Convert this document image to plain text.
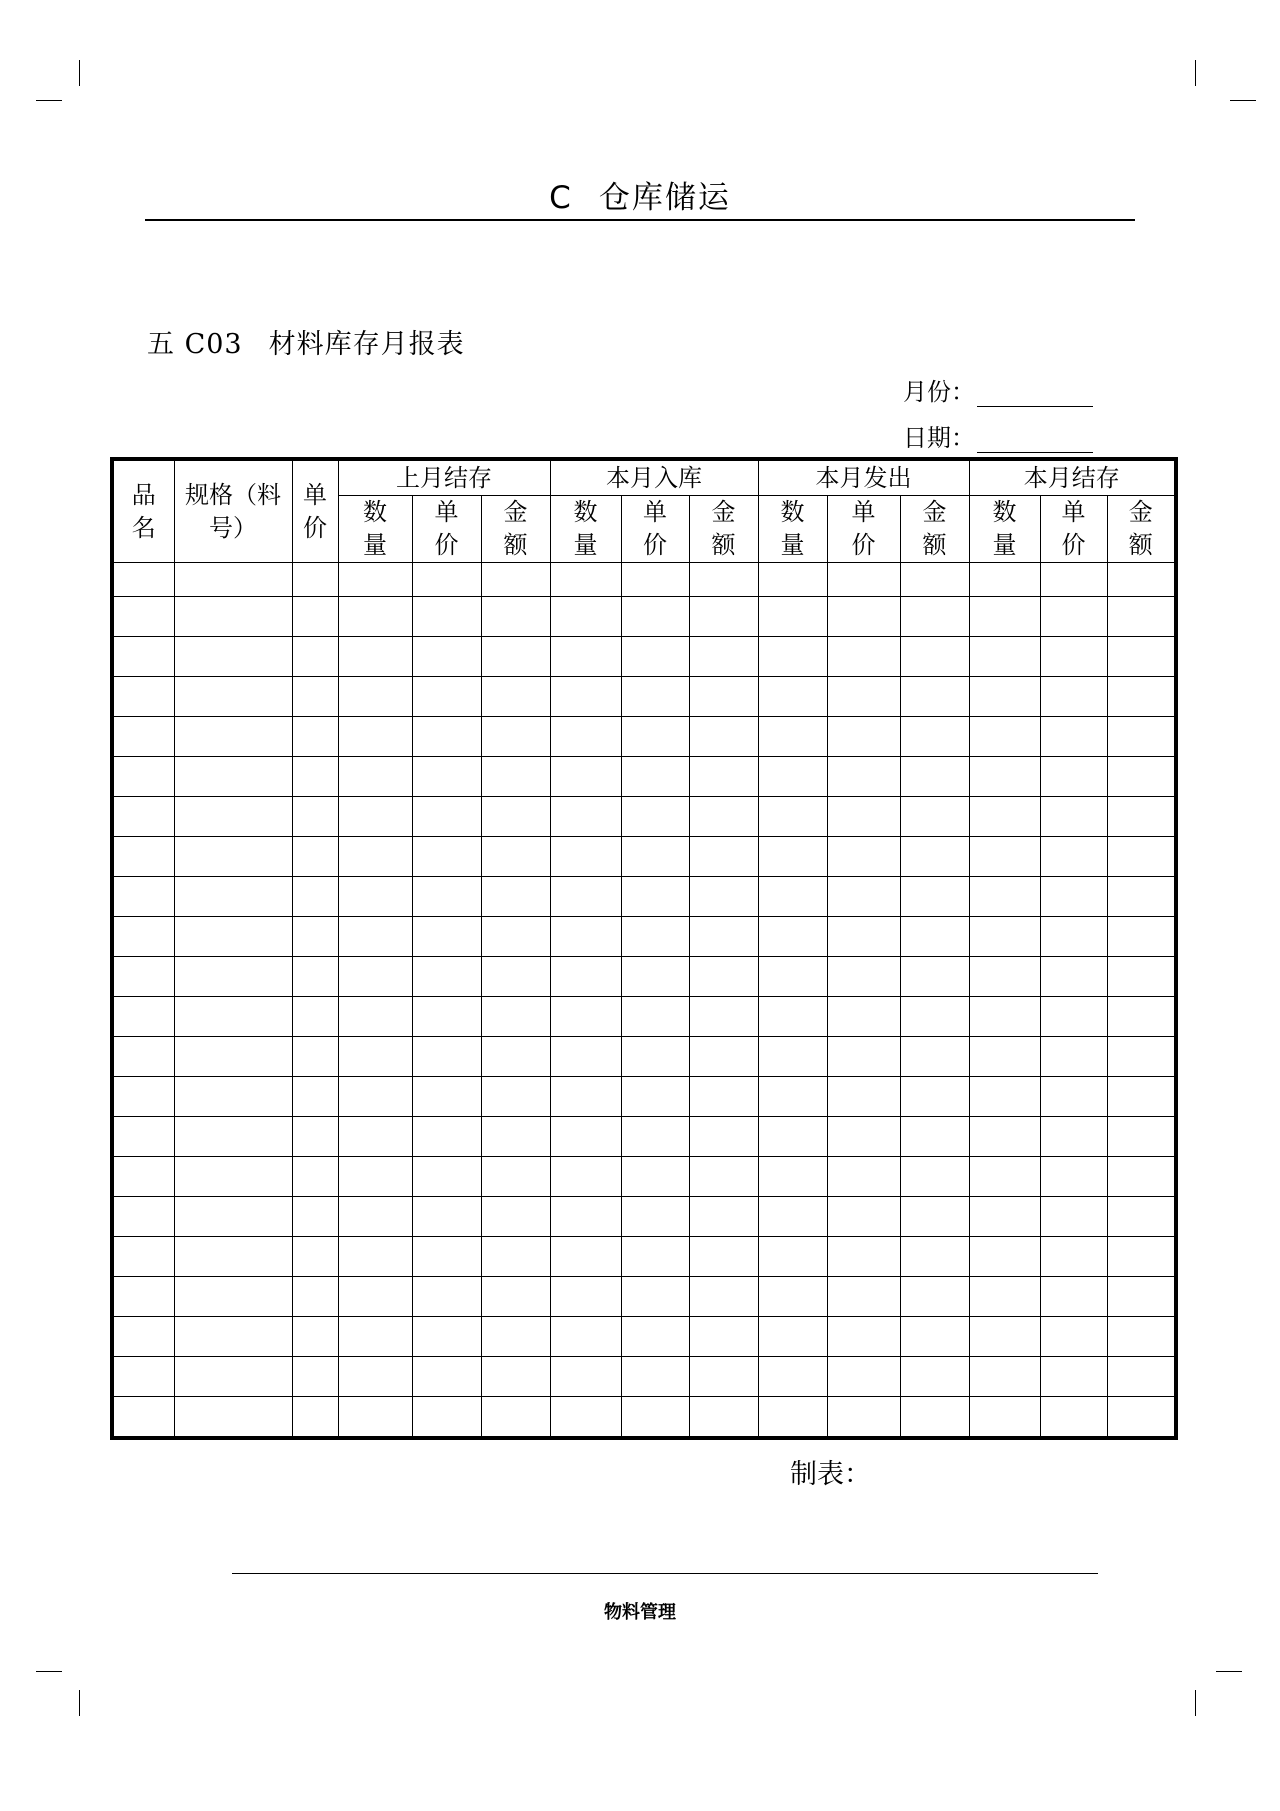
C 仓库储运
五 C03 材料库存月报表
月份：
日期：
品名	规格（料号）	单价	上月结存			本月入库			本月发出			本月结存		
			数量	单价	金额	数量	单价	金额	数量	单价	金额	数量	单价	金额

制表：
物料管理
